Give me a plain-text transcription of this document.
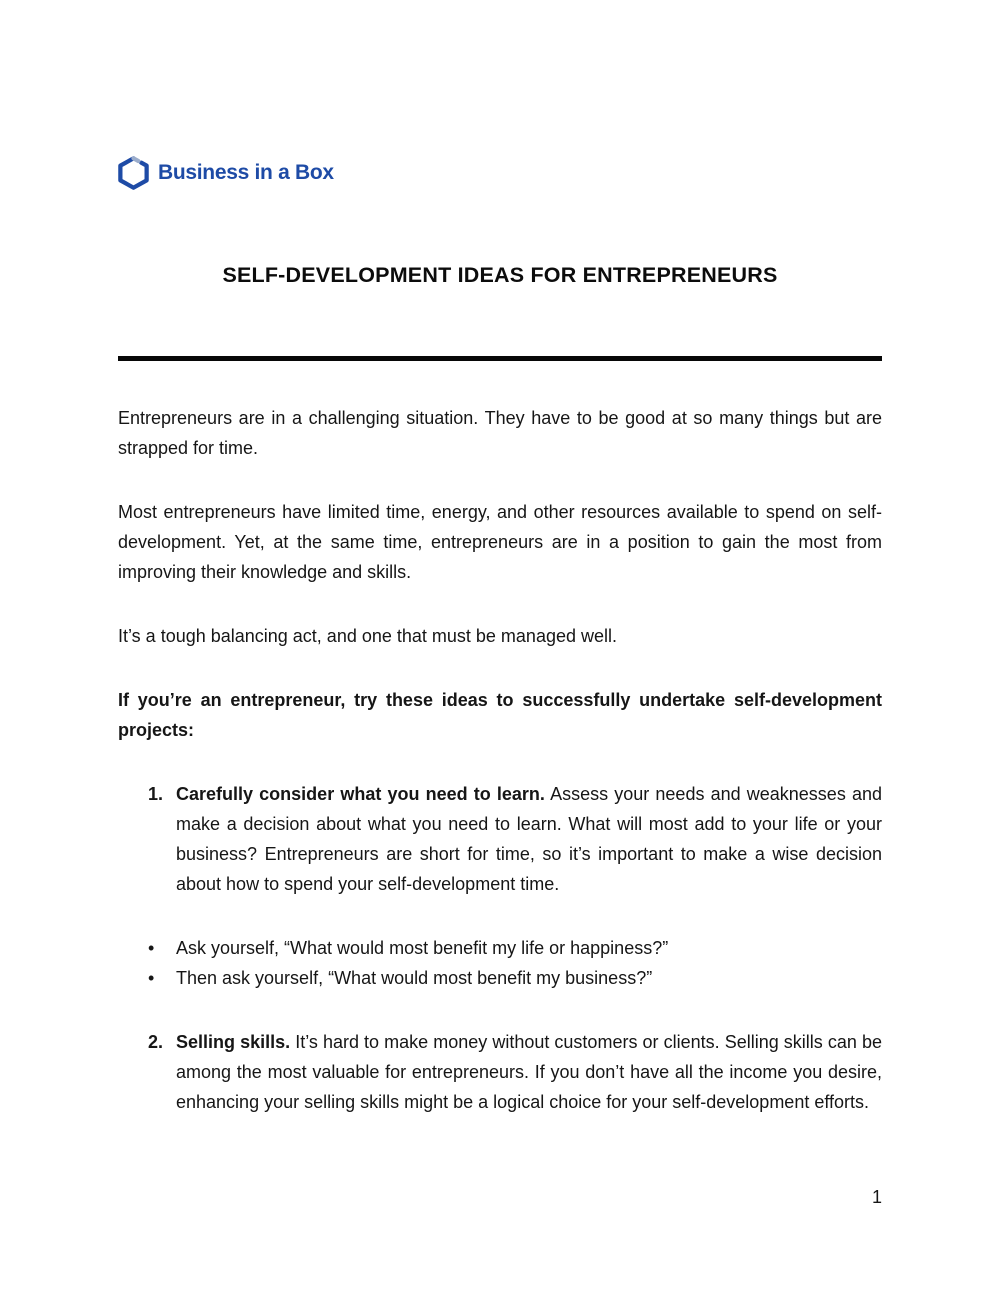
Business in a Box
SELF-DEVELOPMENT IDEAS FOR ENTREPRENEURS

Entrepreneurs are in a challenging situation. They have to be good at so many things but are strapped for time.

Most entrepreneurs have limited time, energy, and other resources available to spend on self-development. Yet, at the same time, entrepreneurs are in a position to gain the most from improving their knowledge and skills.

It’s a tough balancing act, and one that must be managed well.

If you’re an entrepreneur, try these ideas to successfully undertake self-development projects:

1. Carefully consider what you need to learn. Assess your needs and weaknesses and make a decision about what you need to learn. What will most add to your life or your business? Entrepreneurs are short for time, so it’s important to make a wise decision about how to spend your self-development time.

•	Ask yourself, “What would most benefit my life or happiness?”

•	Then ask yourself, “What would most benefit my business?”

2. Selling skills. It’s hard to make money without customers or clients. Selling skills can be among the most valuable for entrepreneurs. If you don’t have all the income you desire, enhancing your selling skills might be a logical choice for your self-development efforts.

1
